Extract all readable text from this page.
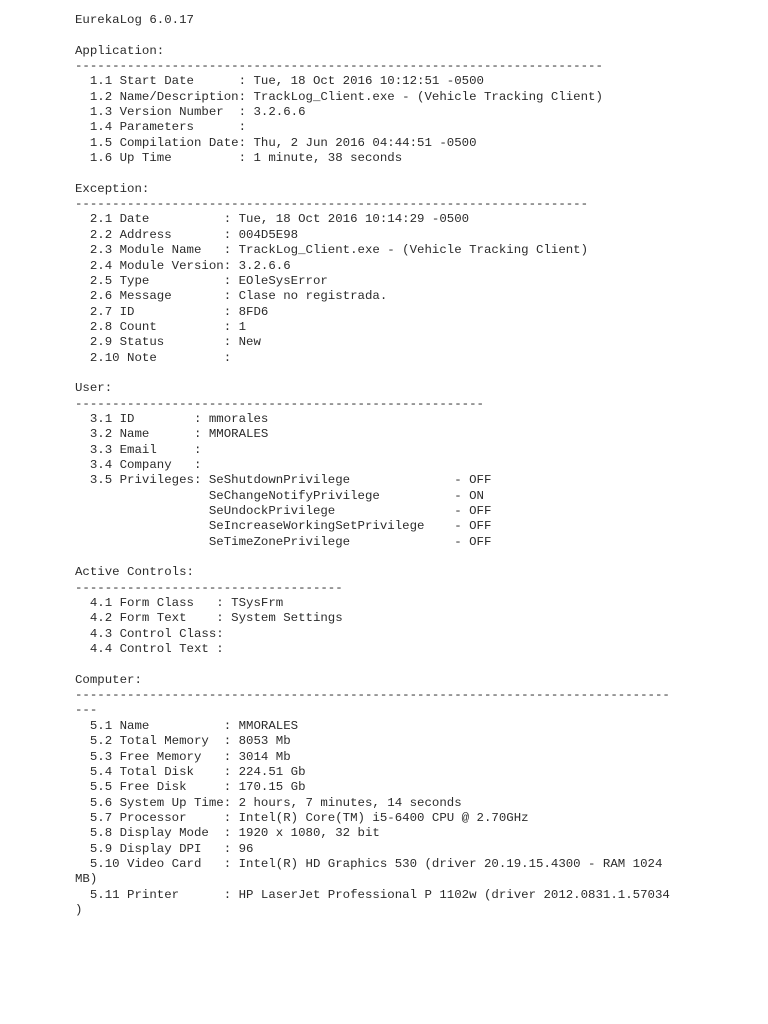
EurekaLog 6.0.17
Application:
-----------------------------------------------------------------------
1.1 Start Date      : Tue, 18 Oct 2016 10:12:51 -0500
1.2 Name/Description: TrackLog_Client.exe - (Vehicle Tracking Client)
1.3 Version Number  : 3.2.6.6
1.4 Parameters      :
1.5 Compilation Date: Thu, 2 Jun 2016 04:44:51 -0500
1.6 Up Time         : 1 minute, 38 seconds
Exception:
---------------------------------------------------------------------
2.1 Date          : Tue, 18 Oct 2016 10:14:29 -0500
2.2 Address       : 004D5E98
2.3 Module Name   : TrackLog_Client.exe - (Vehicle Tracking Client)
2.4 Module Version: 3.2.6.6
2.5 Type          : EOleSysError
2.6 Message       : Clase no registrada.
2.7 ID            : 8FD6
2.8 Count         : 1
2.9 Status        : New
2.10 Note         :
User:
-------------------------------------------------------
3.1 ID        : mmorales
3.2 Name      : MMORALES
3.3 Email     :
3.4 Company   :
3.5 Privileges: SeShutdownPrivilege              - OFF
SeChangeNotifyPrivilege          - ON
SeUndockPrivilege                - OFF
SeIncreaseWorkingSetPrivilege    - OFF
SeTimeZonePrivilege              - OFF
Active Controls:
------------------------------------
4.1 Form Class   : TSysFrm
4.2 Form Text    : System Settings
4.3 Control Class:
4.4 Control Text :
Computer:
--------------------------------------------------------------------------------
---
5.1 Name          : MMORALES
5.2 Total Memory  : 8053 Mb
5.3 Free Memory   : 3014 Mb
5.4 Total Disk    : 224.51 Gb
5.5 Free Disk     : 170.15 Gb
5.6 System Up Time: 2 hours, 7 minutes, 14 seconds
5.7 Processor     : Intel(R) Core(TM) i5-6400 CPU @ 2.70GHz
5.8 Display Mode  : 1920 x 1080, 32 bit
5.9 Display DPI   : 96
5.10 Video Card   : Intel(R) HD Graphics 530 (driver 20.19.15.4300 - RAM 1024
MB)
5.11 Printer      : HP LaserJet Professional P 1102w (driver 2012.0831.1.57034
)
